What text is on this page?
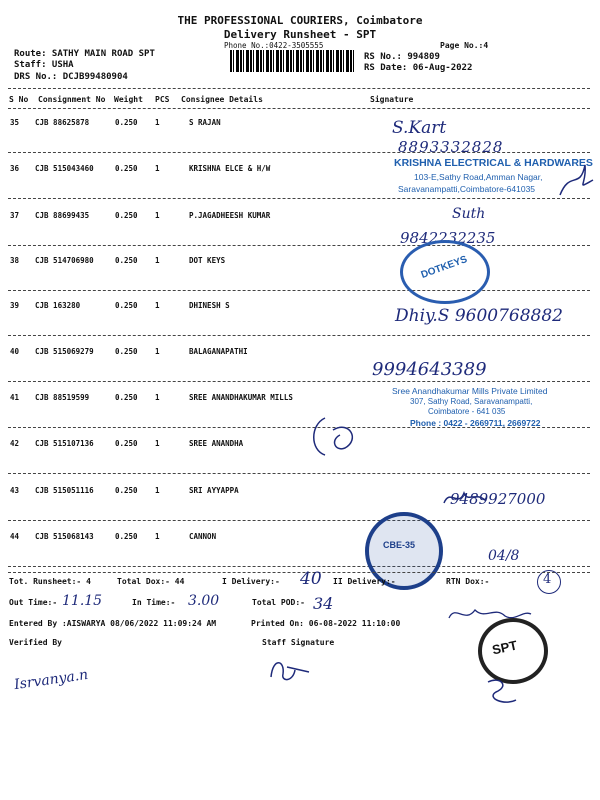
THE PROFESSIONAL COURIERS, Coimbatore
Delivery Runsheet - SPT
Phone No.:0422-3505555	Page No.:4
Route: SATHY MAIN ROAD SPT
Staff: USHA
DRS No.: DCJB99480904
RS No.: 994809
RS Date: 06-Aug-2022
S No Consignment No Weight PCS Consignee Details	Signature
35 CJB 88625878	0.250 1	S RAJAN
36 CJB 515043460	0.250 1	KRISHNA ELCE & H/W
37 CJB 88699435	0.250 1	P.JAGADHEESH KUMAR
38 CJB 514706980	0.250 1	DOT KEYS
39 CJB 163280	0.250 1	DHINESH S
40 CJB 515069279	0.250 1	BALAGANAPATHI
41 CJB 88519599	0.250 1	SREE ANANDHAKUMAR MILLS
42 CJB 515107136	0.250 1	SREE ANANDHA
43 CJB 515051116	0.250 1	SRI AYYAPPA
44 CJB 515068143	0.250 1	CANNON
S.Kart
8893332828
KRISHNA ELECTRICAL & HARDWARES
103-E,Sathy Road,Amman Nagar,
Saravanampatti,Coimbatore-641035
Suth
9842232235
DOTKEYS
Dhiy.S 9600768882
9994643389
Sree Anandhakumar Mills Private Limited
307, Sathy Road, Saravanampatti,
Coimbatore - 641 035
Phone : 0422 - 2669711, 2669722
9489927000
CBE-35
04/8
4
Tot. Runsheet:- 4	Total Dox:- 44	I Delivery:- 40 II Delivery:-	RTN Dox:-
Out Time:- 11.15	In Time:- 3.00	Total POD:- 34
Entered By :AISWARYA 08/06/2022 11:09:24 AM	Printed On: 06-08-2022 11:10:00
Verified By	Staff Signature
Isrvanya.n
SPT
